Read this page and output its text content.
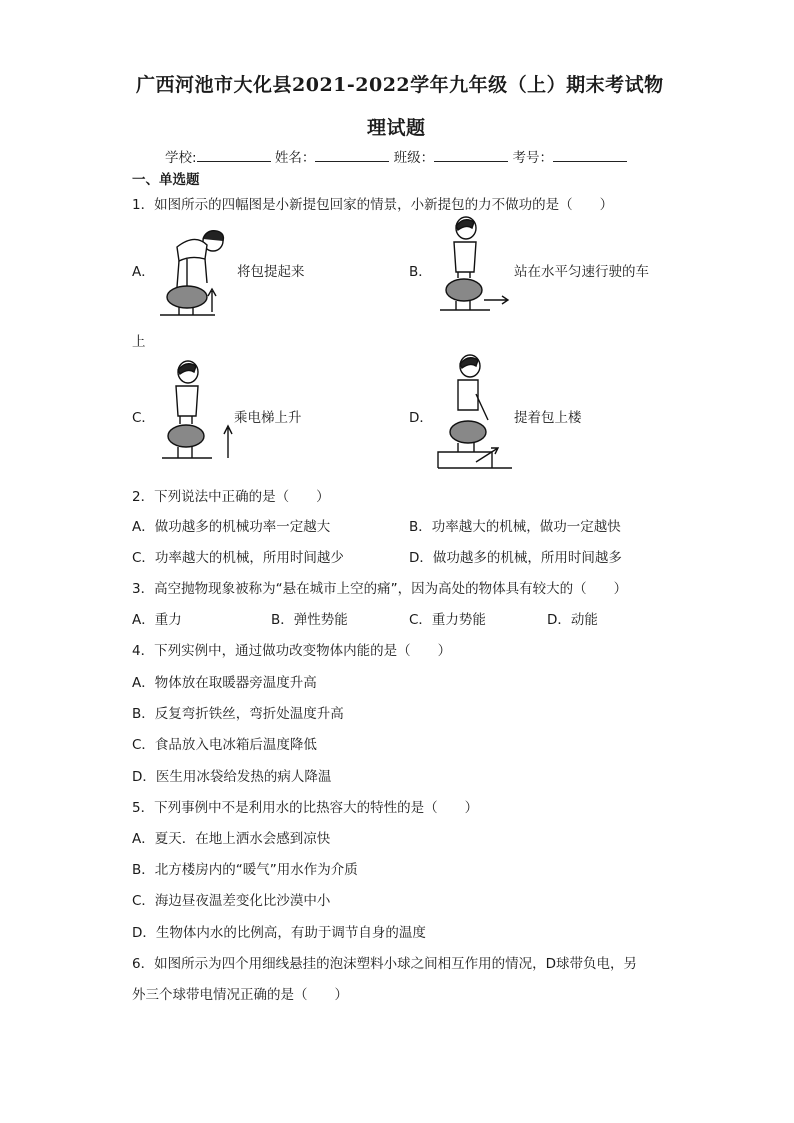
广西河池市大化县2021-2022学年九年级（上）期末考试物
理试题
学校:	姓名：	班级：	考号：
一、单选题
1．如图所示的四幅图是小新提包回家的情景，小新提包的力不做功的是（　　）
A．	将包提起来	B．	站在水平匀速行驶的车
上
C．	乘电梯上升	D．	提着包上楼
2．下列说法中正确的是（　　）
A．做功越多的机械功率一定越大	B．功率越大的机械，做功一定越快
C．功率越大的机械，所用时间越少	D．做功越多的机械，所用时间越多
3．高空抛物现象被称为“悬在城市上空的痛”，因为高处的物体具有较大的（　　）
A．重力	B．弹性势能	C．重力势能	D．动能
4．下列实例中，通过做功改变物体内能的是（　　）
A．物体放在取暖器旁温度升高
B．反复弯折铁丝，弯折处温度升高
C．食品放入电冰箱后温度降低
D．医生用冰袋给发热的病人降温
5．下列事例中不是利用水的比热容大的特性的是（　　）
A．夏天．在地上洒水会感到凉快
B．北方楼房内的“暖气”用水作为介质
C．海边昼夜温差变化比沙漠中小
D．生物体内水的比例高，有助于调节自身的温度
6．如图所示为四个用细线悬挂的泡沫塑料小球之间相互作用的情况，D球带负电，另
外三个球带电情况正确的是（　　）
